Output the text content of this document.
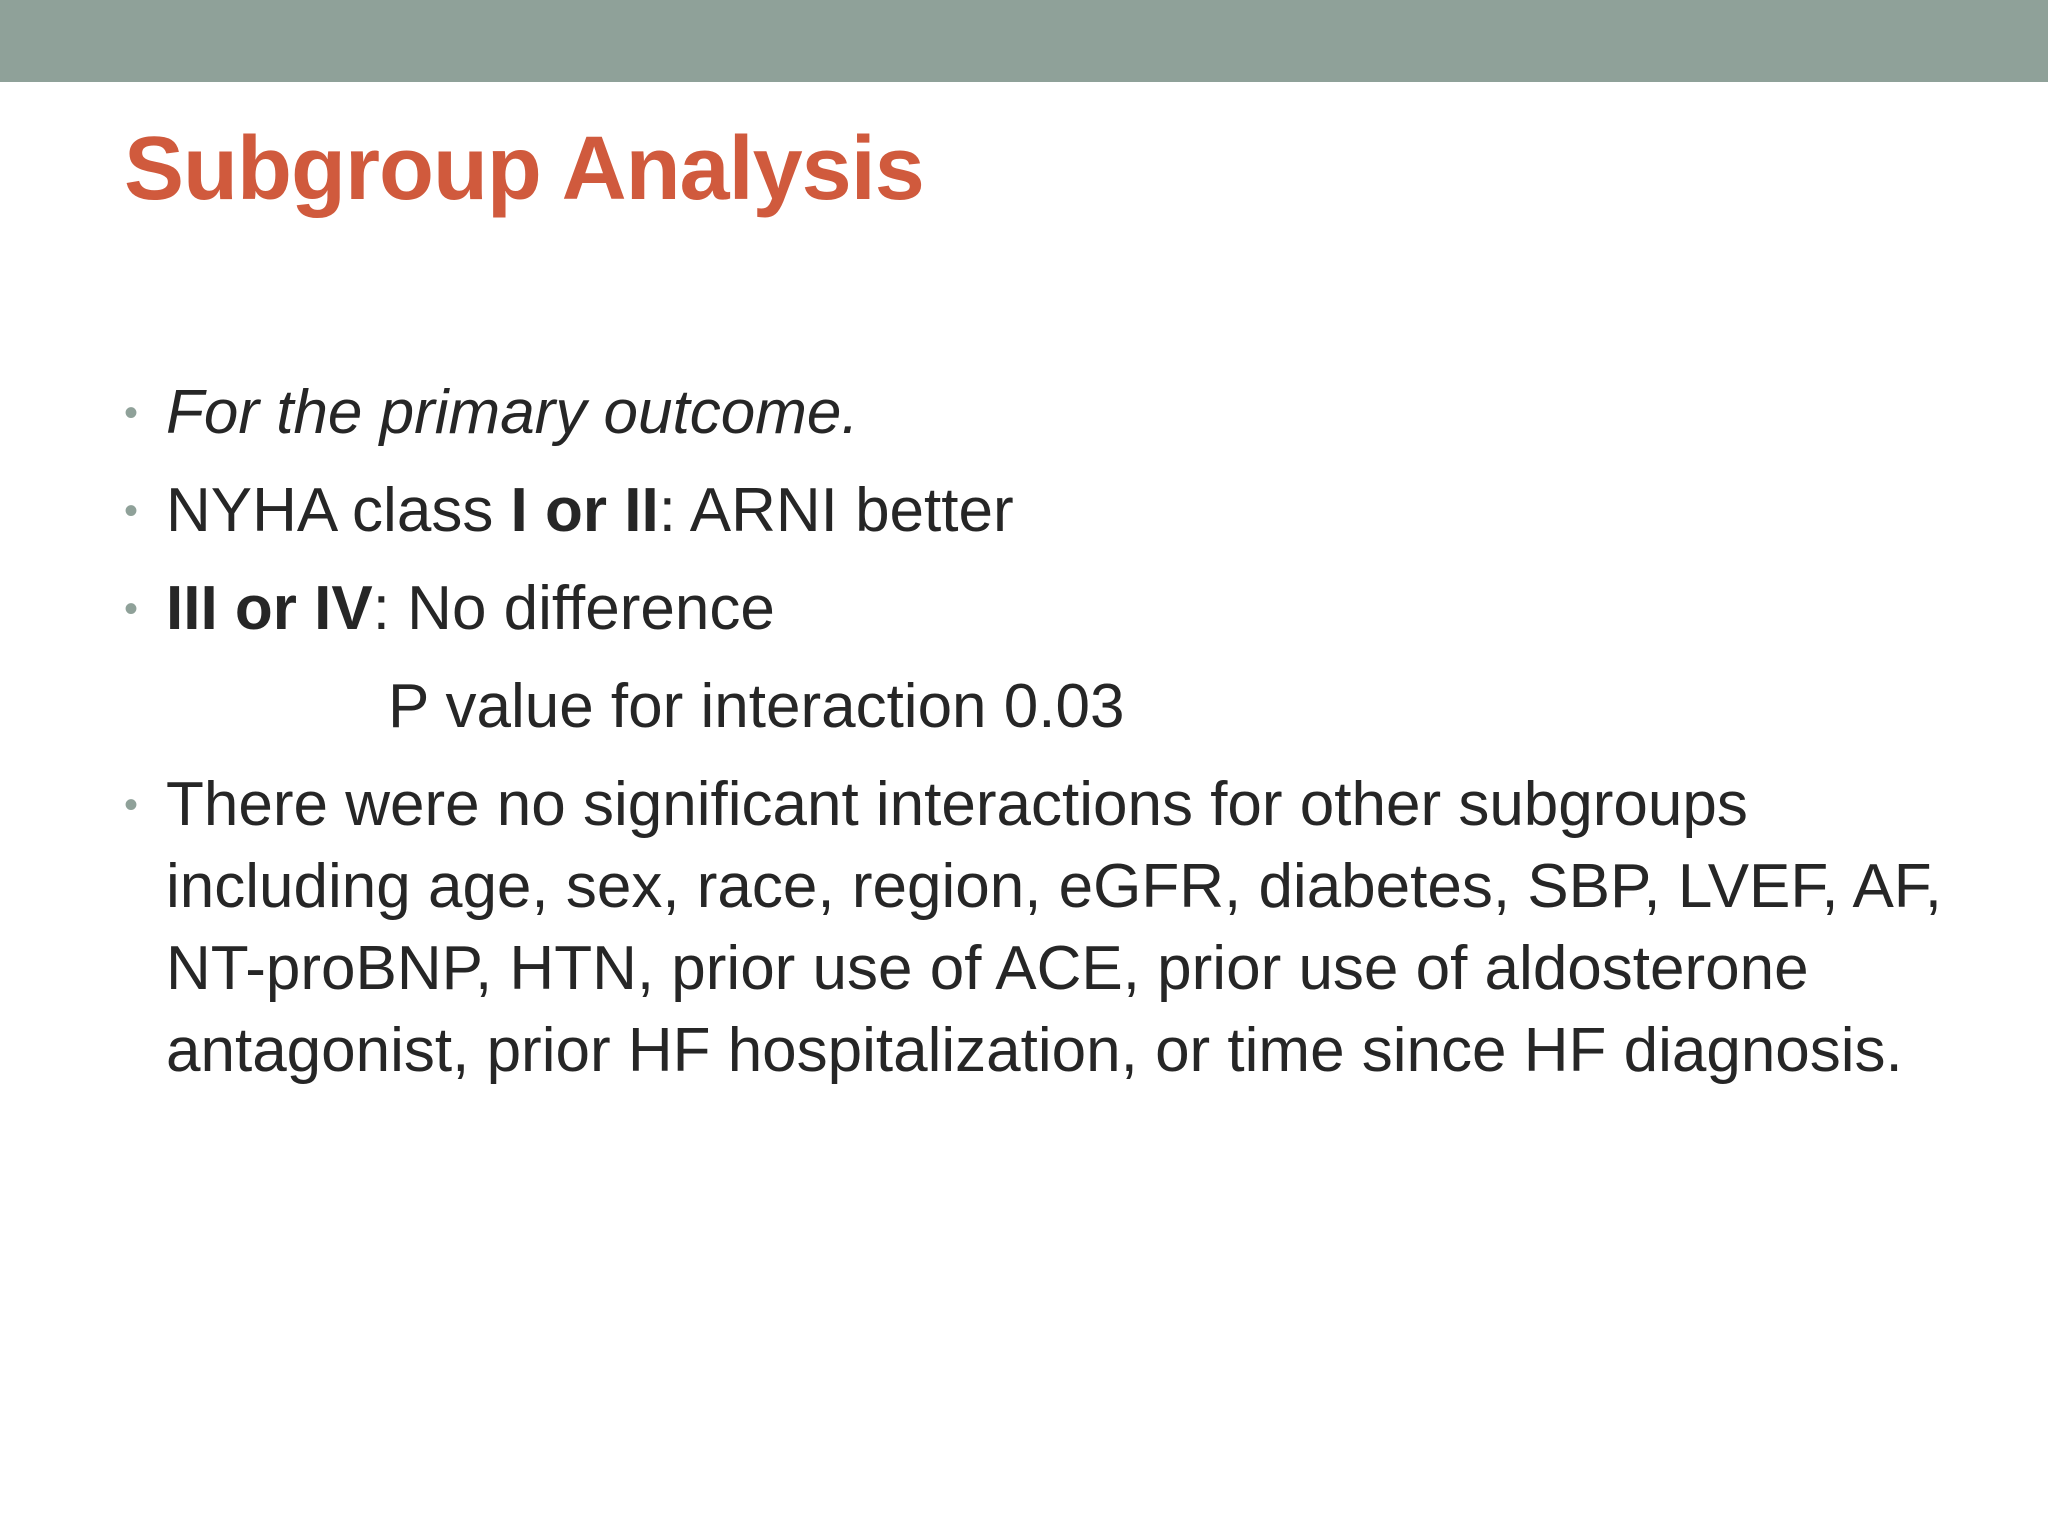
Subgroup Analysis
• For the primary outcome.
• NYHA class I or II: ARNI better
• III or IV: No difference
P value for interaction 0.03
• There were no significant interactions for other subgroups including age, sex, race, region, eGFR, diabetes, SBP, LVEF, AF, NT-proBNP, HTN, prior use of ACE, prior use of aldosterone antagonist, prior HF hospitalization, or time since HF diagnosis.
